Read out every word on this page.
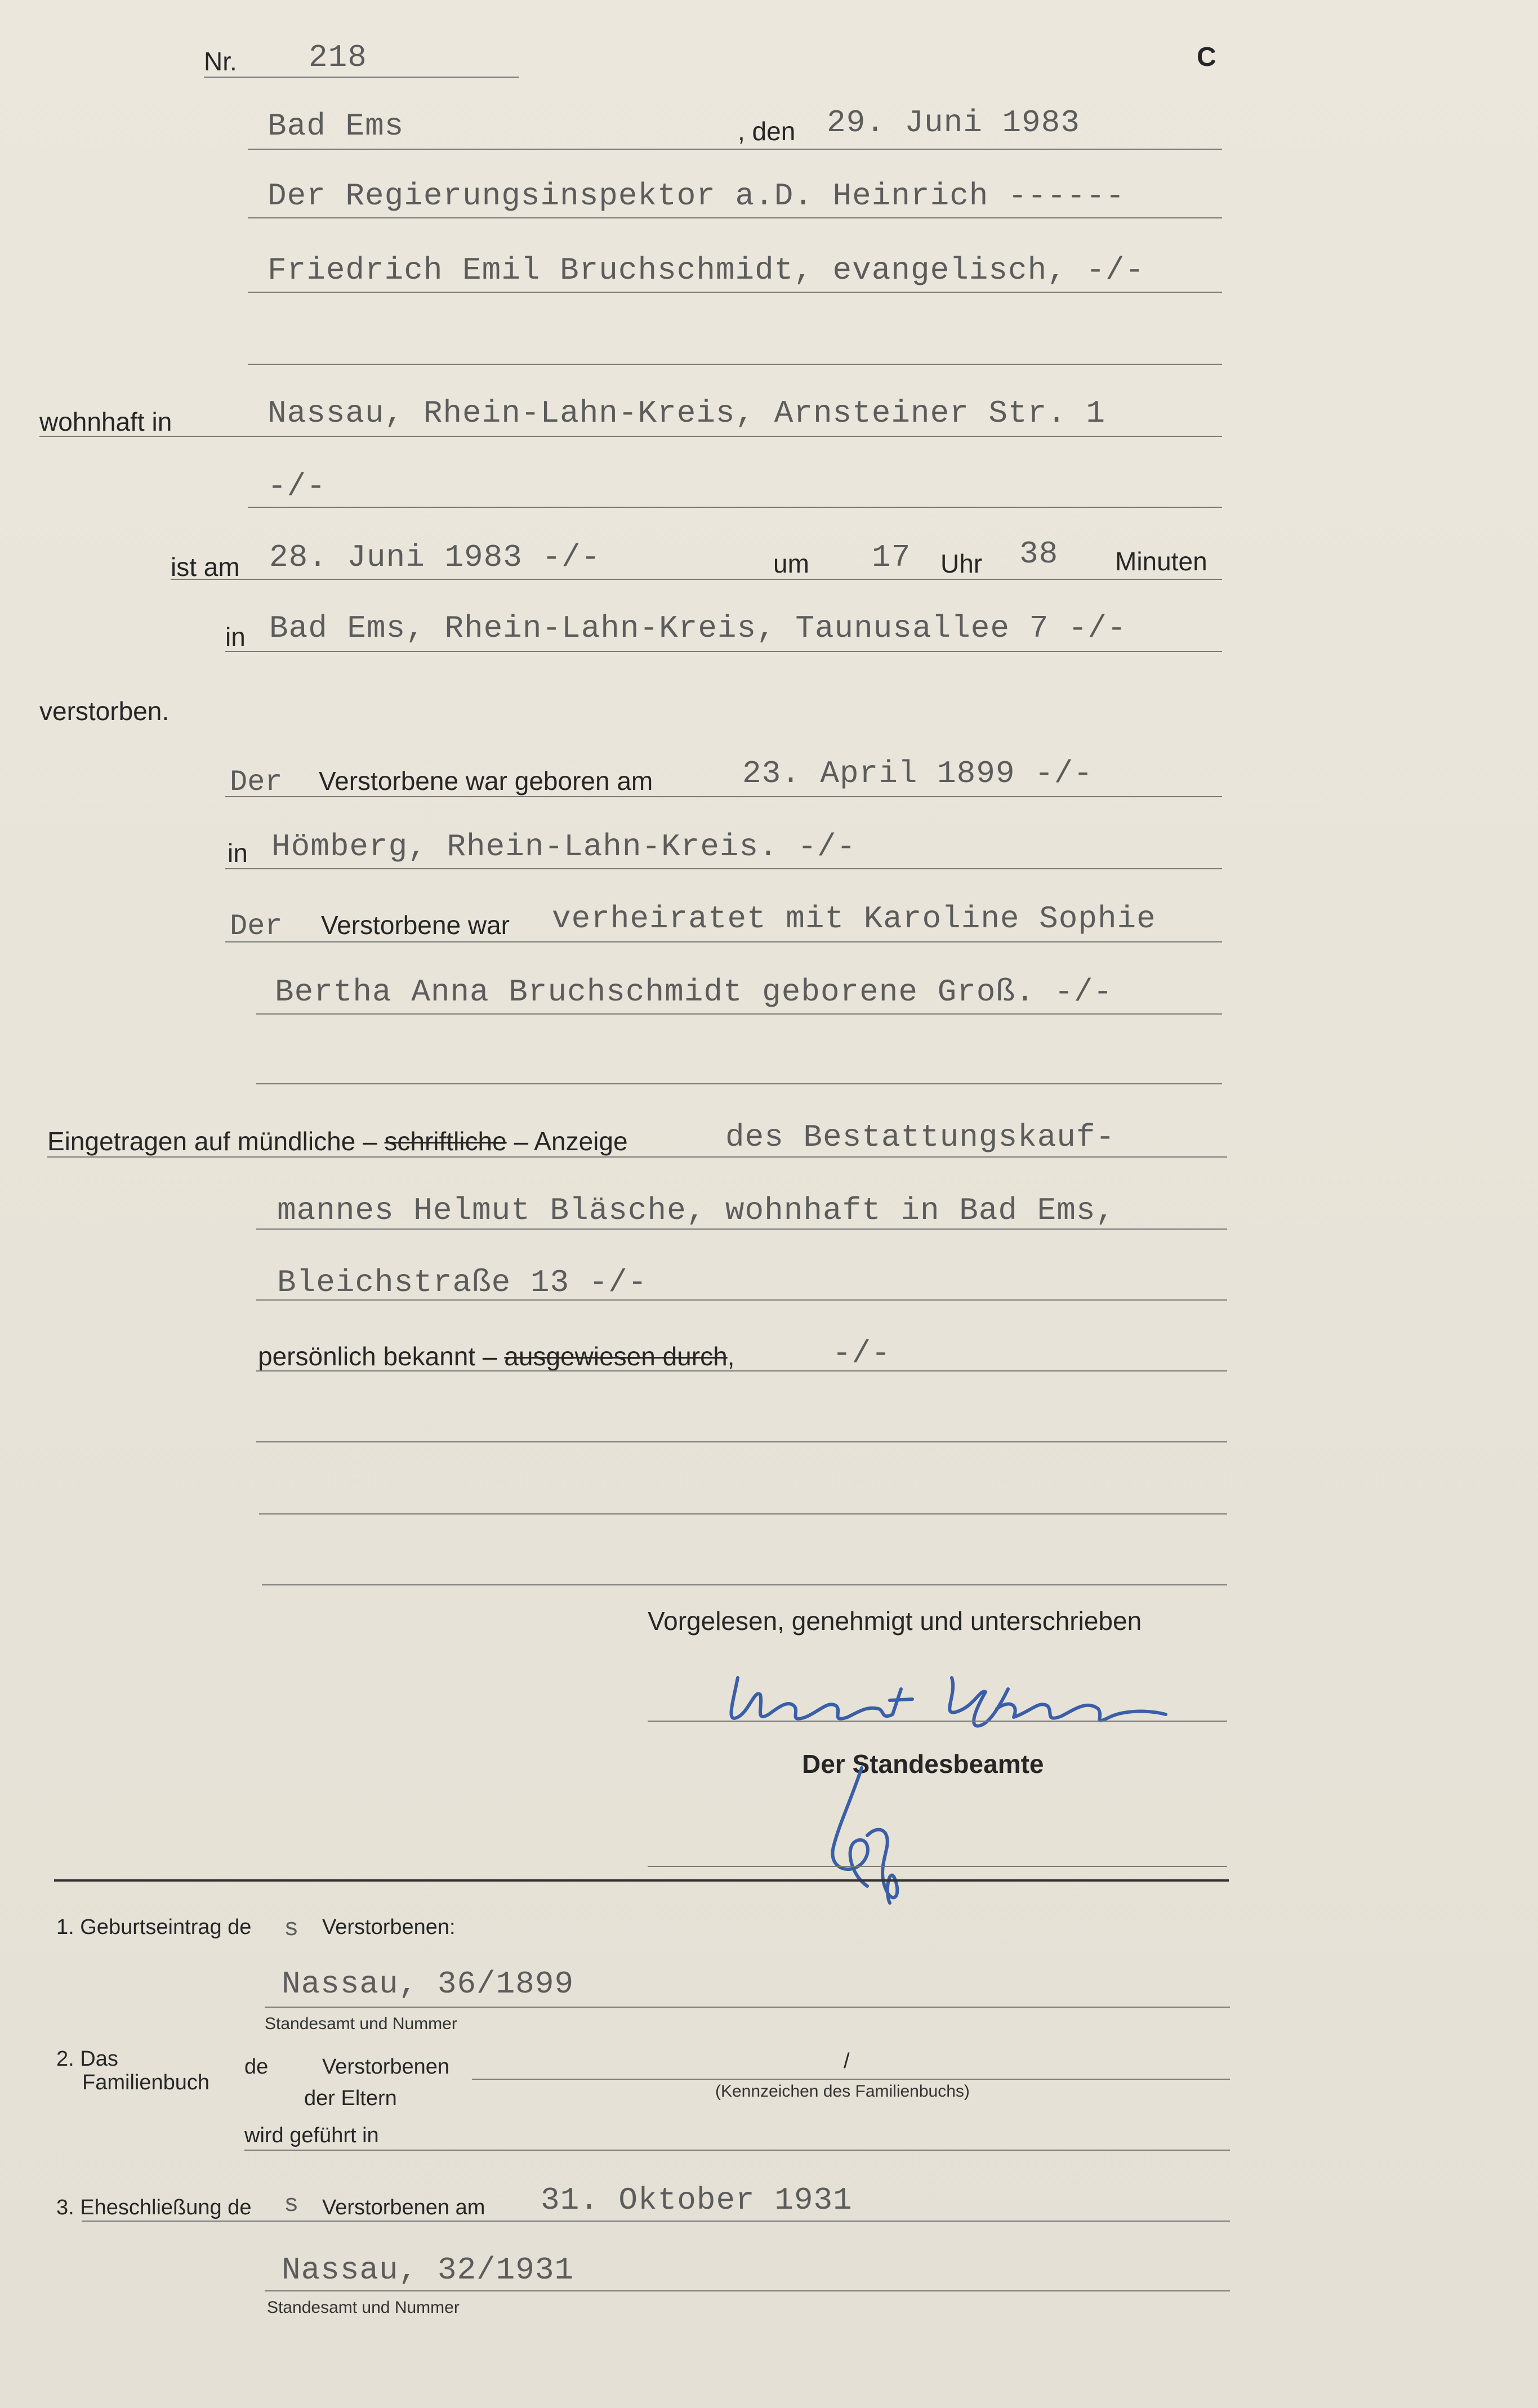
Nr. 218	C
Bad Ems	, den 29. Juni 1983
Der Regierungsinspektor a.D. Heinrich ------
Friedrich Emil Bruchschmidt, evangelisch, -/-
wohnhaft in	Nassau, Rhein-Lahn-Kreis, Arnsteiner Str. 1
-/-
ist am 28. Juni 1983 -/-	um 17 Uhr 38 Minuten
in Bad Ems, Rhein-Lahn-Kreis, Taunusallee 7 -/-
verstorben.
Der Verstorbene war geboren am	23. April 1899 -/-
in Hömberg, Rhein-Lahn-Kreis. -/-
Der Verstorbene war verheiratet mit Karoline Sophie
Bertha Anna Bruchschmidt geborene Groß. -/-
Eingetragen auf mündliche – schriftliche – Anzeige	des Bestattungskauf-
mannes Helmut Bläsche, wohnhaft in Bad Ems,
Bleichstraße 13 -/-
persönlich bekannt – ausgewiesen durch,	-/-
Vorgelesen, genehmigt und unterschrieben
Der Standesbeamte
1. Geburtseintrag de s Verstorbenen:
Nassau, 36/1899
Standesamt und Nummer
2. Das
Familienbuch
de	Verstorbenen
der Eltern
/
(Kennzeichen des Familienbuchs)
wird geführt in
3. Eheschließung de s Verstorbenen am 31. Oktober 1931
Nassau, 32/1931
Standesamt und Nummer
